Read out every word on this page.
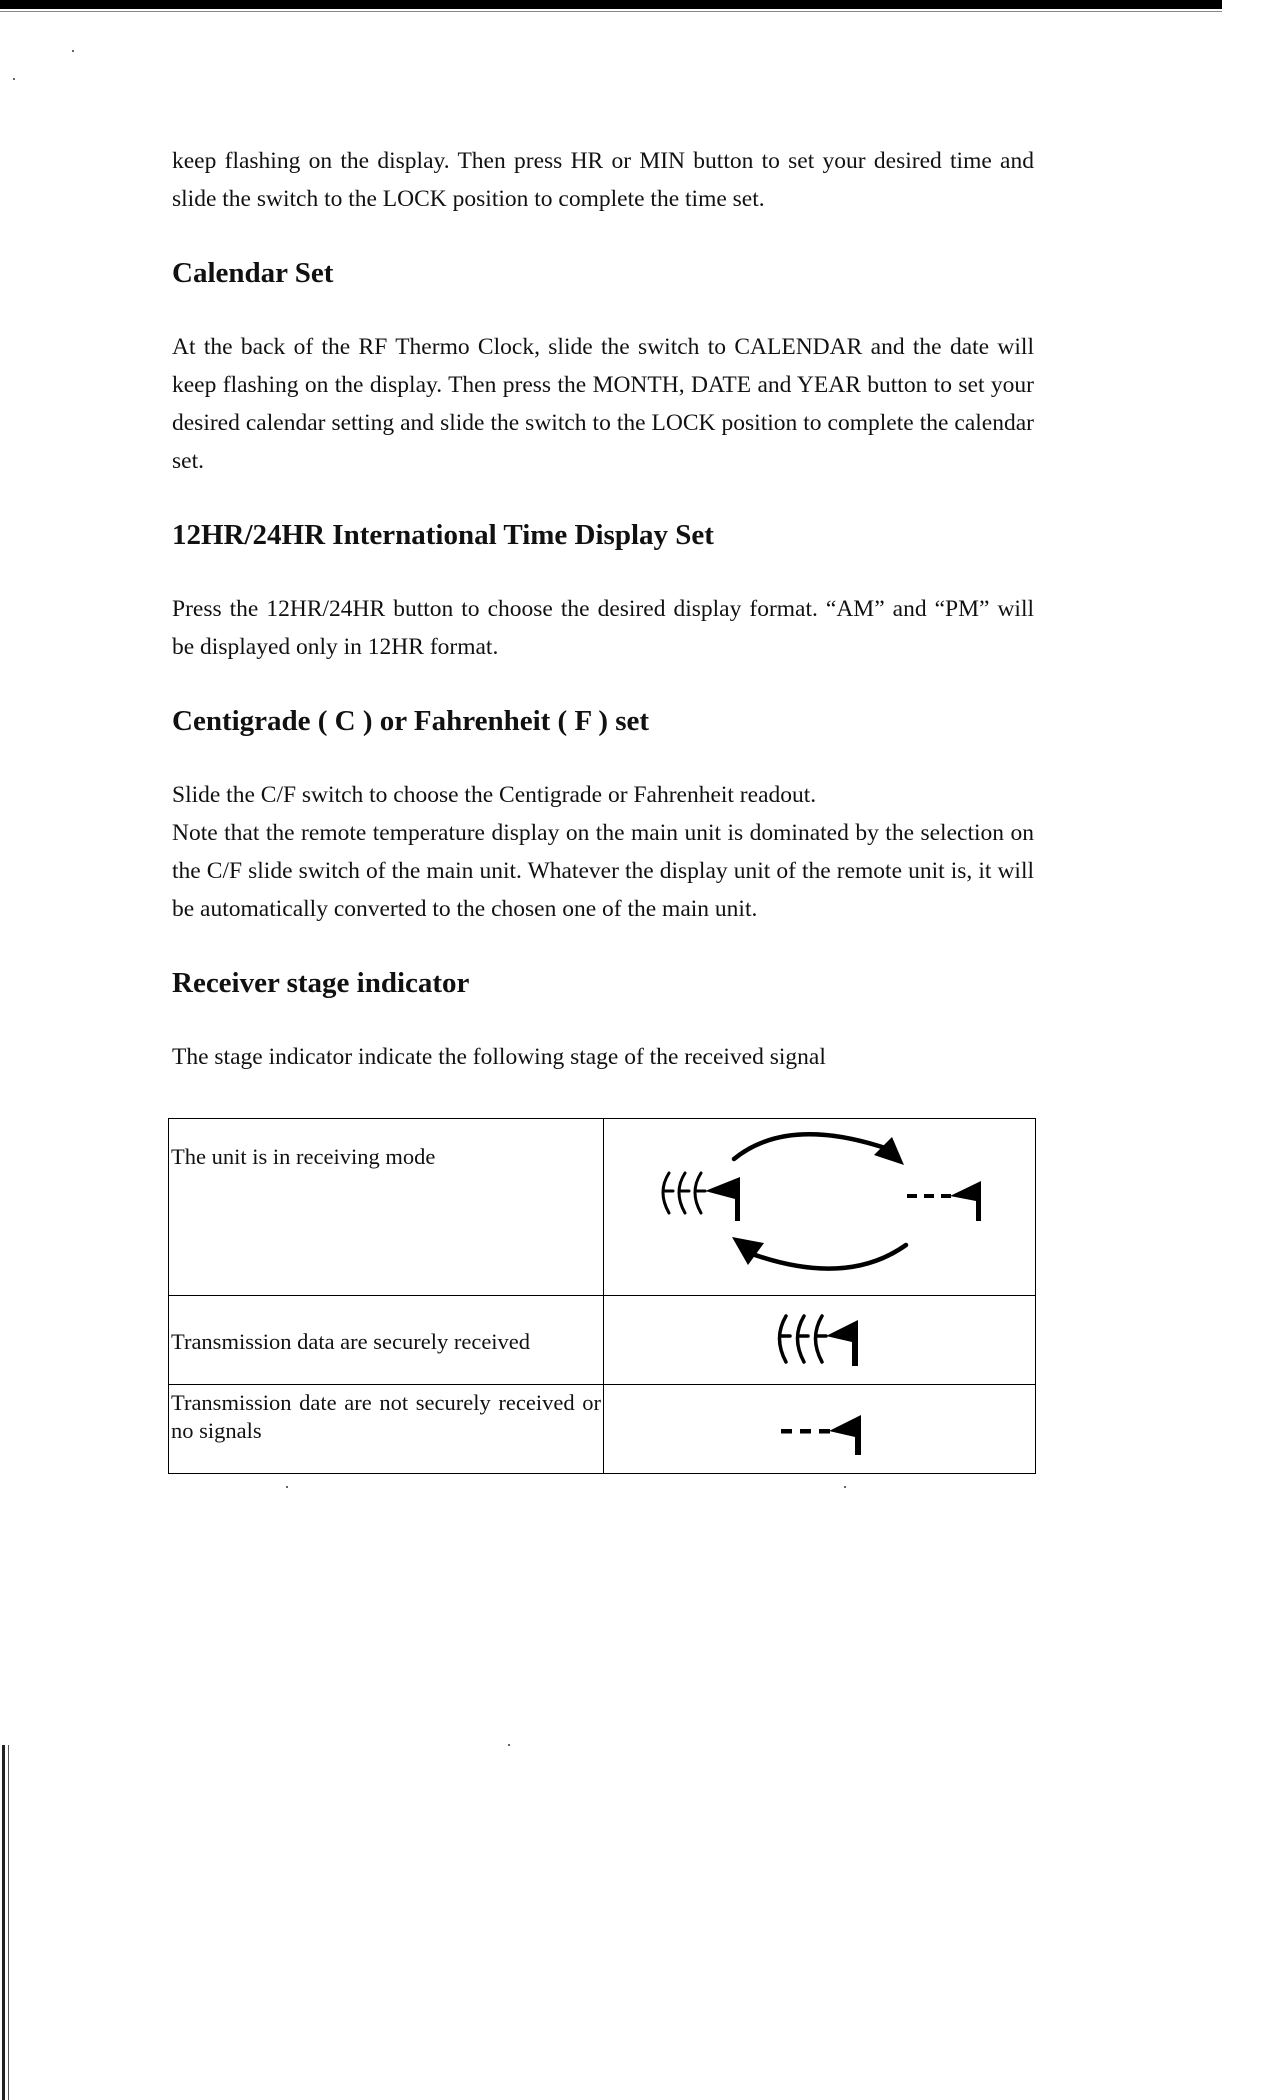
keep flashing on the display. Then press HR or MIN button to set your desired time and slide the switch to the LOCK position to complete the time set.

Calendar Set

At the back of the RF Thermo Clock, slide the switch to CALENDAR and the date will keep flashing on the display. Then press the MONTH, DATE and YEAR button to set your desired calendar setting and slide the switch to the LOCK position to complete the calendar set.

12HR/24HR International Time Display Set

Press the 12HR/24HR button to choose the desired display format. “AM” and “PM” will be displayed only in 12HR format.

Centigrade ( C ) or Fahrenheit ( F ) set

Slide the C/F switch to choose the Centigrade or Fahrenheit readout.

Note that the remote temperature display on the main unit is dominated by the selection on the C/F slide switch of the main unit. Whatever the display unit of the remote unit is, it will be automatically converted to the chosen one of the main unit.

Receiver stage indicator

The stage indicator indicate the following stage of the received signal

The unit is in receiving mode	

Transmission data are securely received	

Transmission date are not securely received or no signals	
